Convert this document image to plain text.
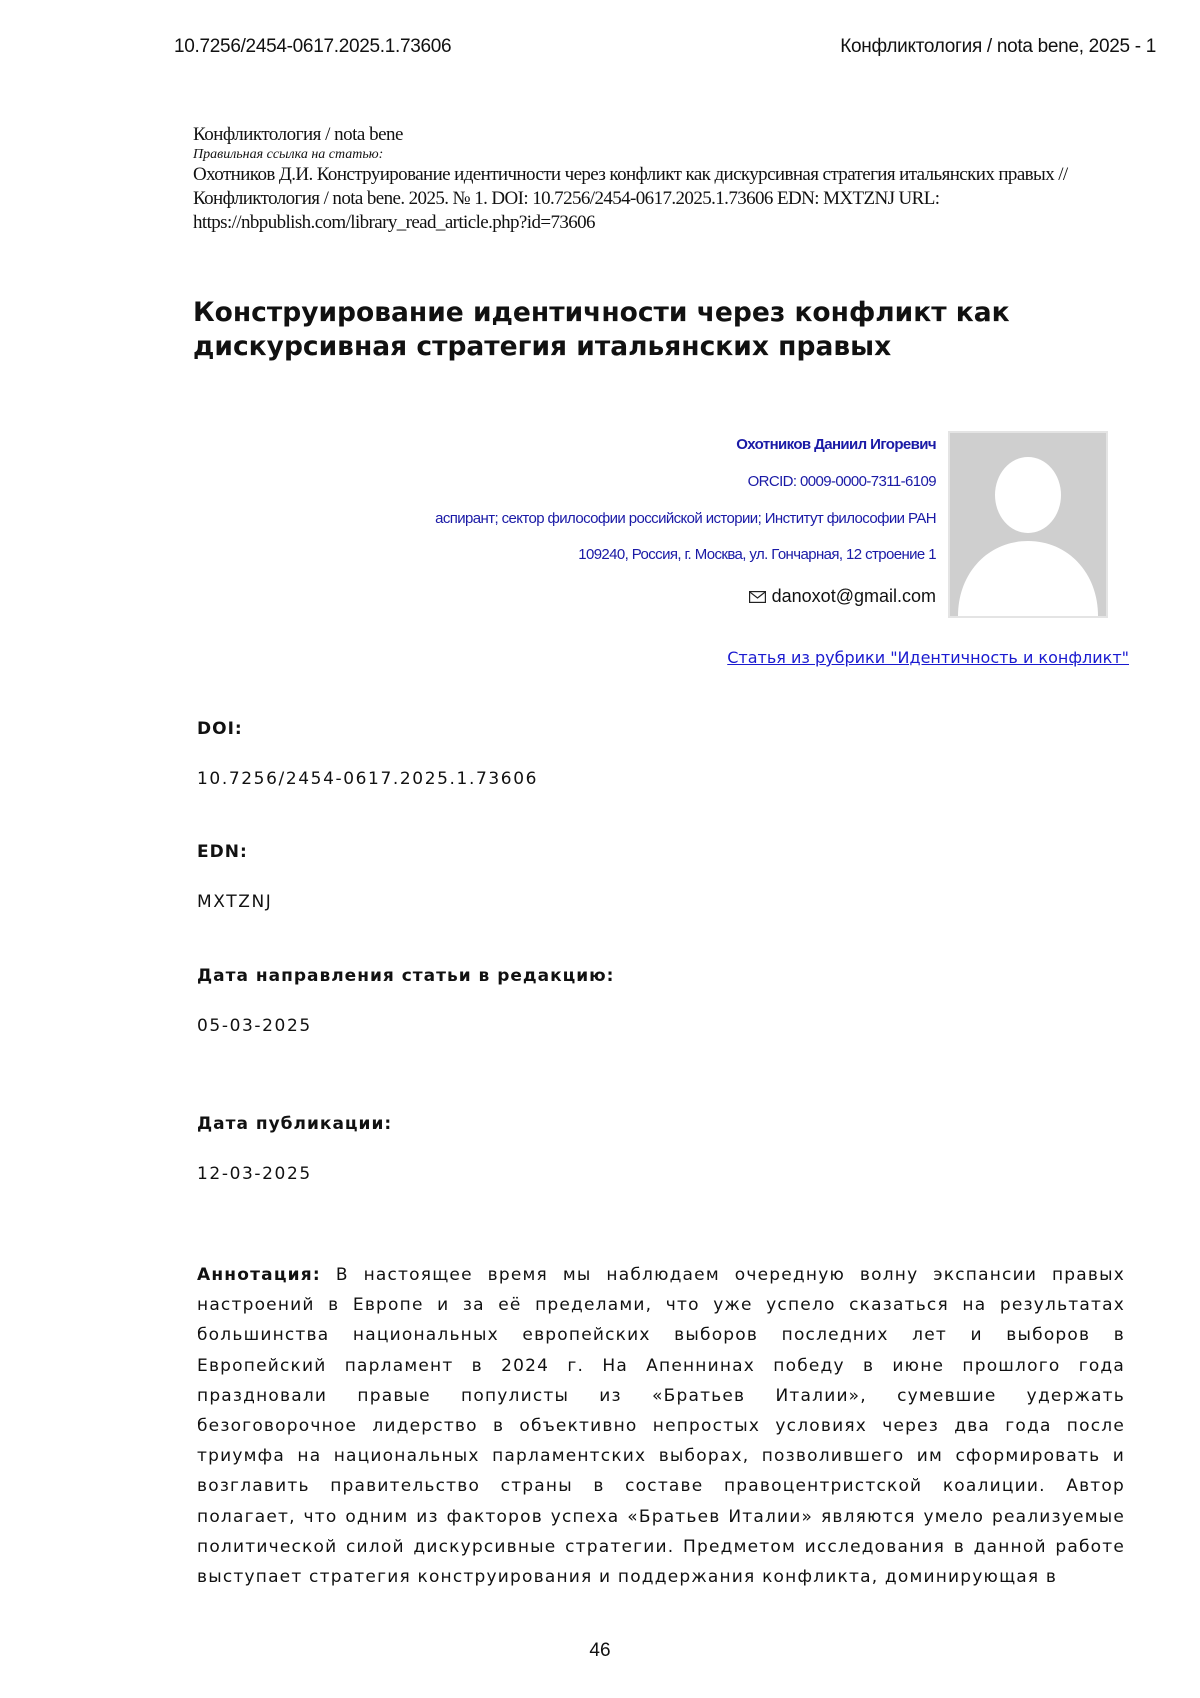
10.7256/2454-0617.2025.1.73606	Конфликтология / nota bene, 2025 - 1
Конфликтология / nota bene
Правильная ссылка на статью:
Охотников Д.И. Конструирование идентичности через конфликт как дискурсивная стратегия итальянских правых // Конфликтология / nota bene. 2025. № 1. DOI: 10.7256/2454-0617.2025.1.73606 EDN: MXTZNJ URL: https://nbpublish.com/library_read_article.php?id=73606
Конструирование идентичности через конфликт как дискурсивная стратегия итальянских правых
Охотников Даниил Игоревич
ORCID: 0009-0000-7311-6109
аспирант; сектор философии российской истории; Институт философии РАН
109240, Россия, г. Москва, ул. Гончарная, 12 строение 1
danoxot@gmail.com
Статья из рубрики "Идентичность и конфликт"
DOI:
10.7256/2454-0617.2025.1.73606
EDN:
MXTZNJ
Дата направления статьи в редакцию:
05-03-2025
Дата публикации:
12-03-2025

Аннотация: В настоящее время мы наблюдаем очередную волну экспансии правых настроений в Европе и за её пределами, что уже успело сказаться на результатах большинства национальных европейских выборов последних лет и выборов в Европейский парламент в 2024 г. На Апеннинах победу в июне прошлого года праздновали правые популисты из «Братьев Италии», сумевшие удержать безоговорочное лидерство в объективно непростых условиях через два года после триумфа на национальных парламентских выборах, позволившего им сформировать и возглавить правительство страны в составе правоцентристской коалиции. Автор полагает, что одним из факторов успеха «Братьев Италии» являются умело реализуемые политической силой дискурсивные стратегии. Предметом исследования в данной работе выступает стратегия конструирования и поддержания конфликта, доминирующая в

46
